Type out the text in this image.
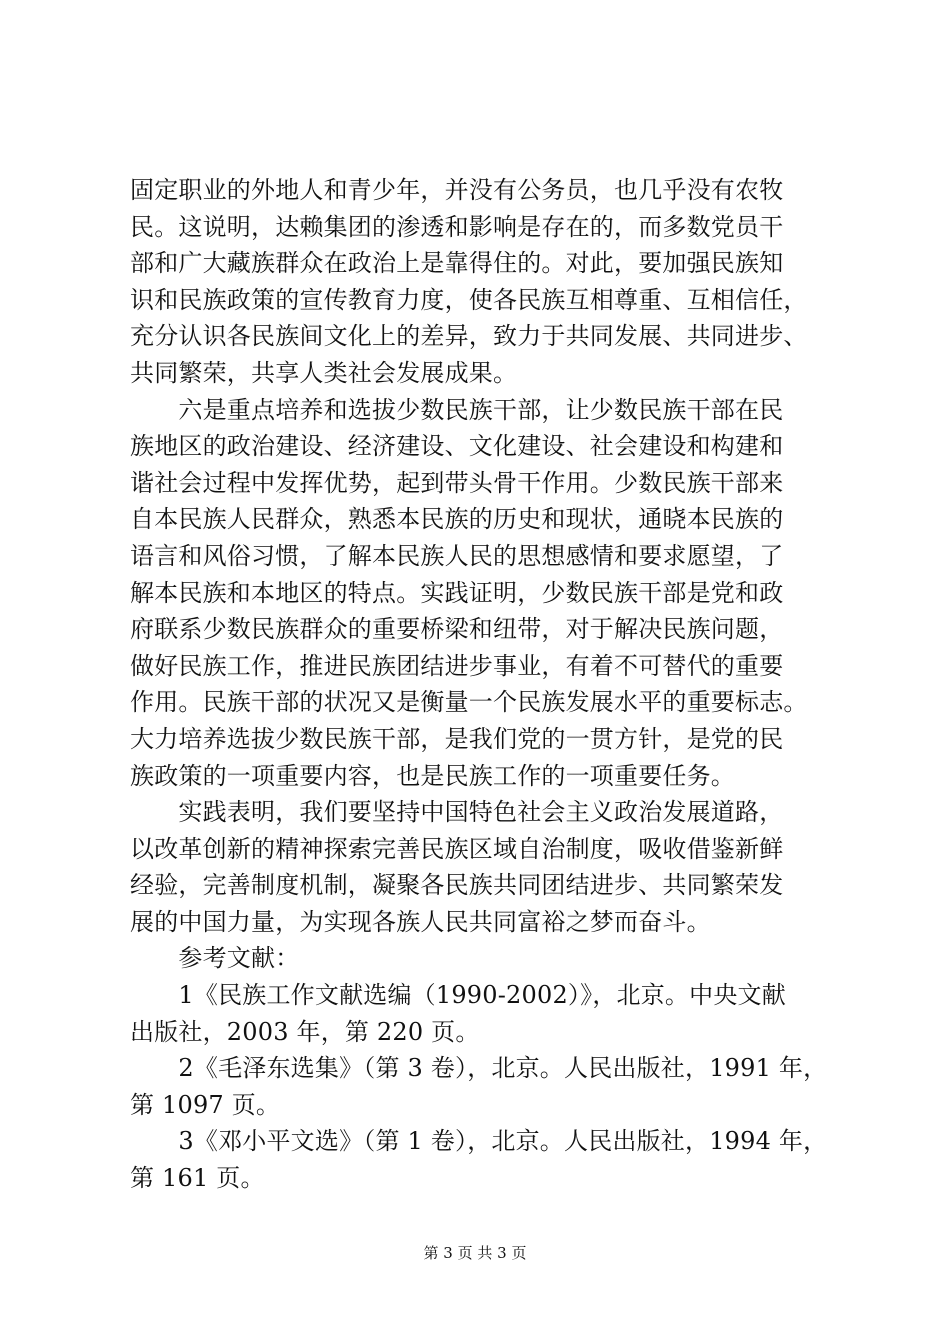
固定职业的外地人和青少年，并没有公务员，也几乎没有农牧
民。这说明，达赖集团的渗透和影响是存在的，而多数党员干
部和广大藏族群众在政治上是靠得住的。对此，要加强民族知
识和民族政策的宣传教育力度，使各民族互相尊重、互相信任，
充分认识各民族间文化上的差异，致力于共同发展、共同进步、
共同繁荣，共享人类社会发展成果。
　　六是重点培养和选拔少数民族干部，让少数民族干部在民
族地区的政治建设、经济建设、文化建设、社会建设和构建和
谐社会过程中发挥优势，起到带头骨干作用。少数民族干部来
自本民族人民群众，熟悉本民族的历史和现状，通晓本民族的
语言和风俗习惯，了解本民族人民的思想感情和要求愿望，了
解本民族和本地区的特点。实践证明，少数民族干部是党和政
府联系少数民族群众的重要桥梁和纽带，对于解决民族问题，
做好民族工作，推进民族团结进步事业，有着不可替代的重要
作用。民族干部的状况又是衡量一个民族发展水平的重要标志。
大力培养选拔少数民族干部，是我们党的一贯方针，是党的民
族政策的一项重要内容，也是民族工作的一项重要任务。
　　实践表明，我们要坚持中国特色社会主义政治发展道路，
以改革创新的精神探索完善民族区域自治制度，吸收借鉴新鲜
经验，完善制度机制，凝聚各民族共同团结进步、共同繁荣发
展的中国力量，为实现各族人民共同富裕之梦而奋斗。
　　参考文献：
　　1《民族工作文献选编（1990-2002）》，北京。中央文献
出版社，2003 年，第 220 页。
　　2《毛泽东选集》（第 3 卷），北京。人民出版社，1991 年，
第 1097 页。
　　3《邓小平文选》（第 1 卷），北京。人民出版社，1994 年，
第 161 页。
第 3 页 共 3 页
